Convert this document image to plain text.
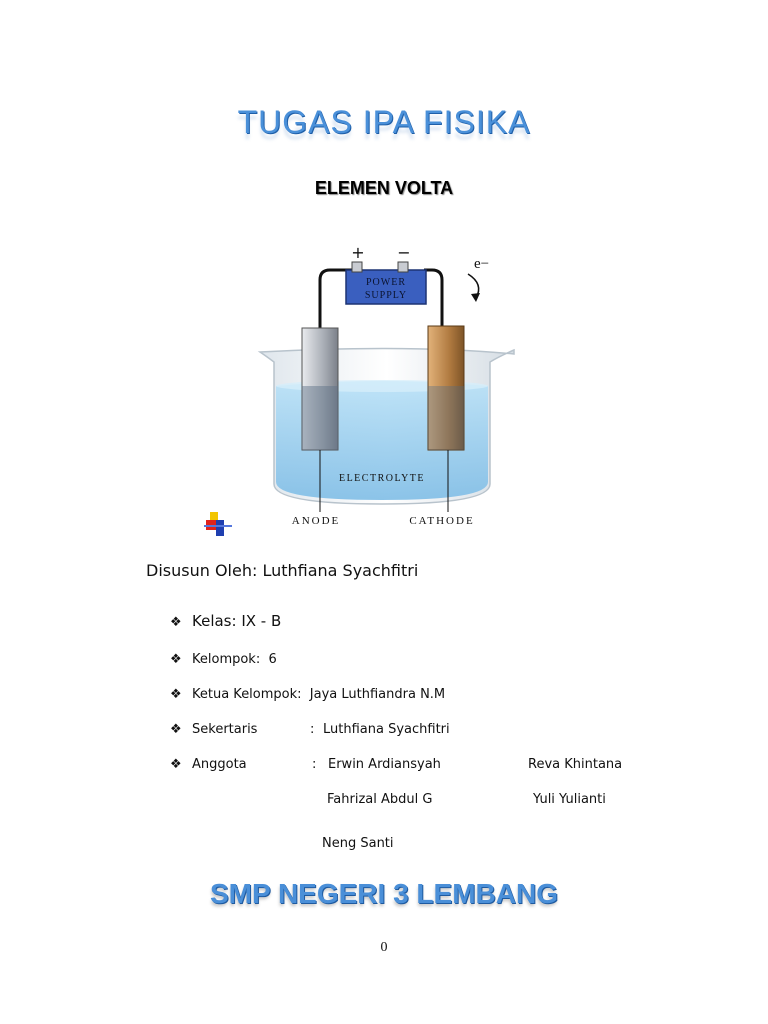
TUGAS IPA FISIKA
ELEMEN VOLTA
POWER
SUPPLY
+ −
e−
ELECTROLYTE
ANODE	CATHODE
Disusun Oleh: Luthfiana Syachfitri
❖ Kelas: IX - B
❖ Kelompok: 6
❖ Ketua Kelompok: Jaya Luthfiandra N.M
❖ Sekertaris	: Luthfiana Syachfitri
❖ Anggota	: Erwin Ardiansyah	Reva Khintana
Fahrizal Abdul G	Yuli Yulianti
Neng Santi
SMP NEGERI 3 LEMBANG
0
